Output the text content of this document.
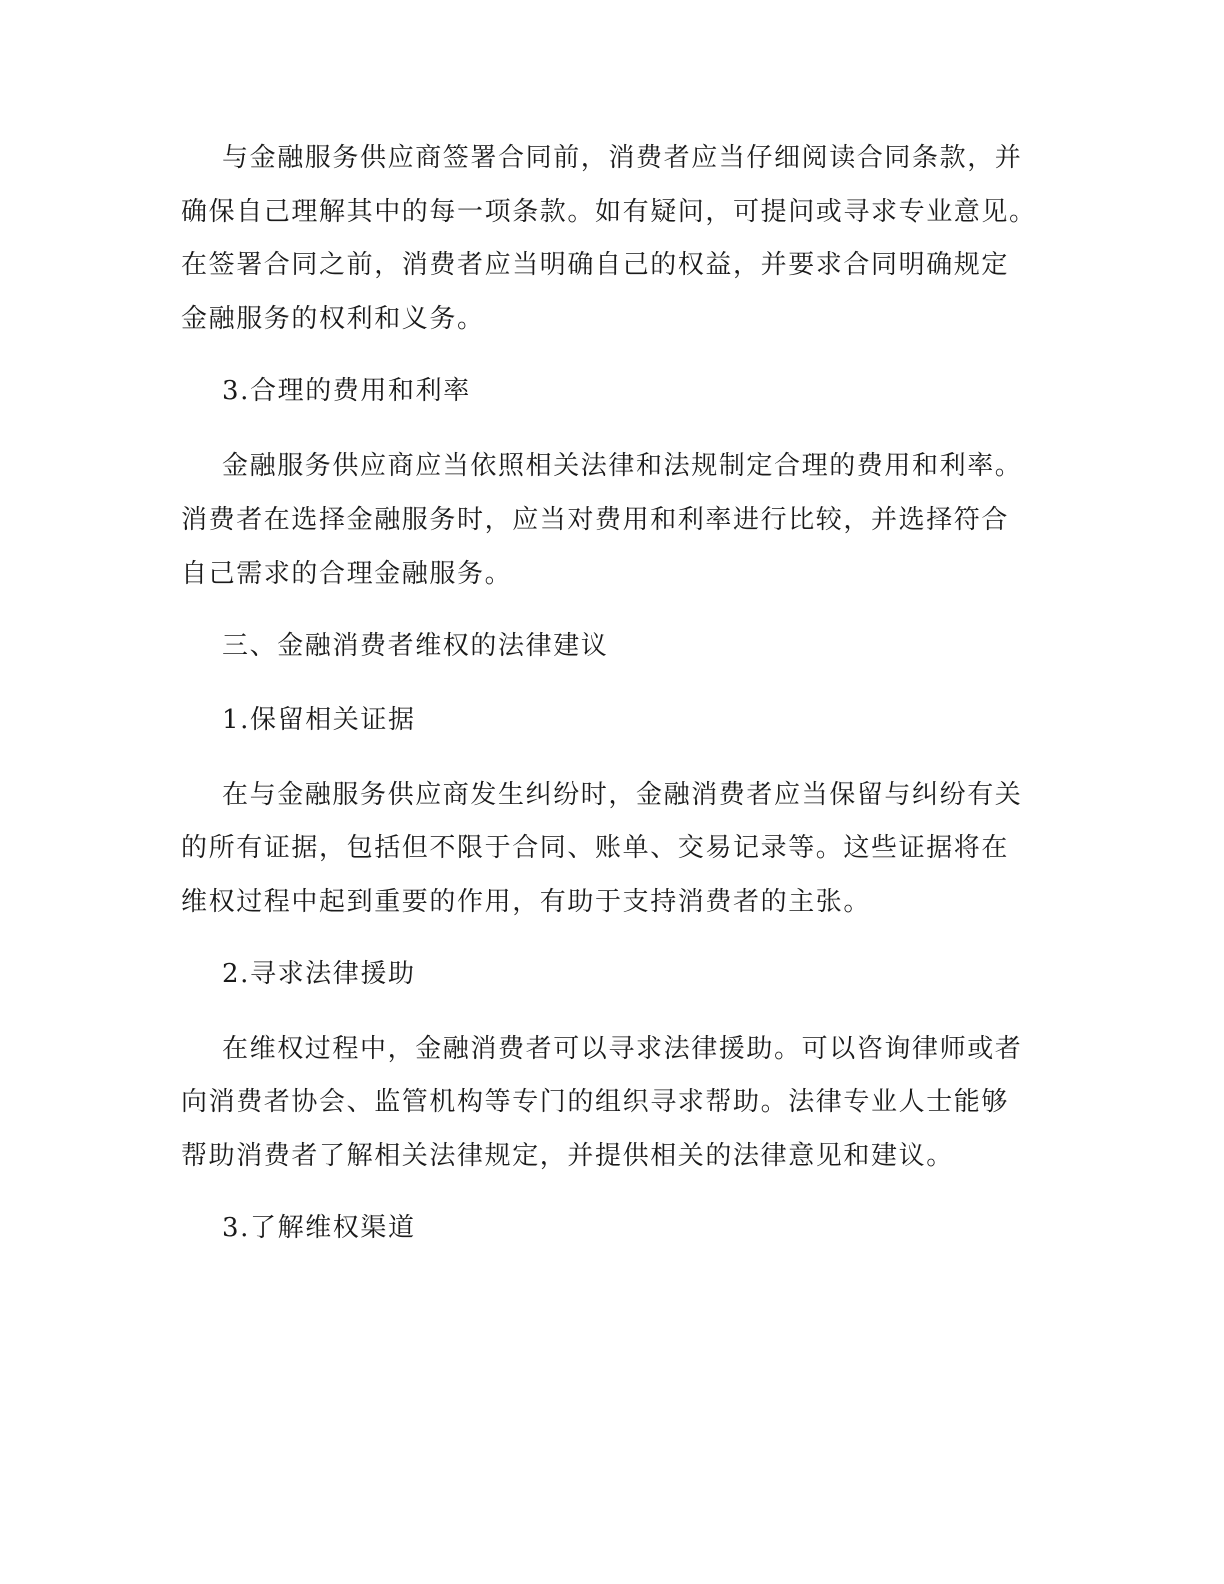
与金融服务供应商签署合同前，消费者应当仔细阅读合同条款，并

确保自己理解其中的每一项条款。如有疑问，可提问或寻求专业意见。

在签署合同之前，消费者应当明确自己的权益，并要求合同明确规定

金融服务的权利和义务。

3.合理的费用和利率

金融服务供应商应当依照相关法律和法规制定合理的费用和利率。

消费者在选择金融服务时，应当对费用和利率进行比较，并选择符合

自己需求的合理金融服务。

三、金融消费者维权的法律建议

1.保留相关证据

在与金融服务供应商发生纠纷时，金融消费者应当保留与纠纷有关

的所有证据，包括但不限于合同、账单、交易记录等。这些证据将在

维权过程中起到重要的作用，有助于支持消费者的主张。

2.寻求法律援助

在维权过程中，金融消费者可以寻求法律援助。可以咨询律师或者

向消费者协会、监管机构等专门的组织寻求帮助。法律专业人士能够

帮助消费者了解相关法律规定，并提供相关的法律意见和建议。

3.了解维权渠道
